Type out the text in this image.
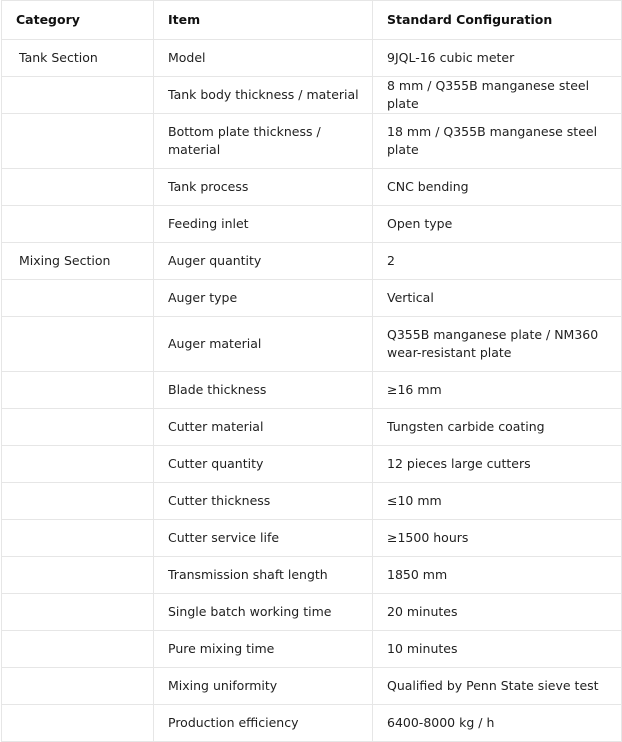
Category	Item	Standard Configuration
Tank Section	Model	9JQL-16 cubic meter
	Tank body thickness / material	8 mm / Q355B manganese steel plate
	Bottom plate thickness / material	18 mm / Q355B manganese steel plate
	Tank process	CNC bending
	Feeding inlet	Open type
Mixing Section	Auger quantity	2
	Auger type	Vertical
	Auger material	Q355B manganese plate / NM360 wear-resistant plate
	Blade thickness	≥16 mm
	Cutter material	Tungsten carbide coating
	Cutter quantity	12 pieces large cutters
	Cutter thickness	≤10 mm
	Cutter service life	≥1500 hours
	Transmission shaft length	1850 mm
	Single batch working time	20 minutes
	Pure mixing time	10 minutes
	Mixing uniformity	Qualified by Penn State sieve test
	Production efficiency	6400-8000 kg / h
